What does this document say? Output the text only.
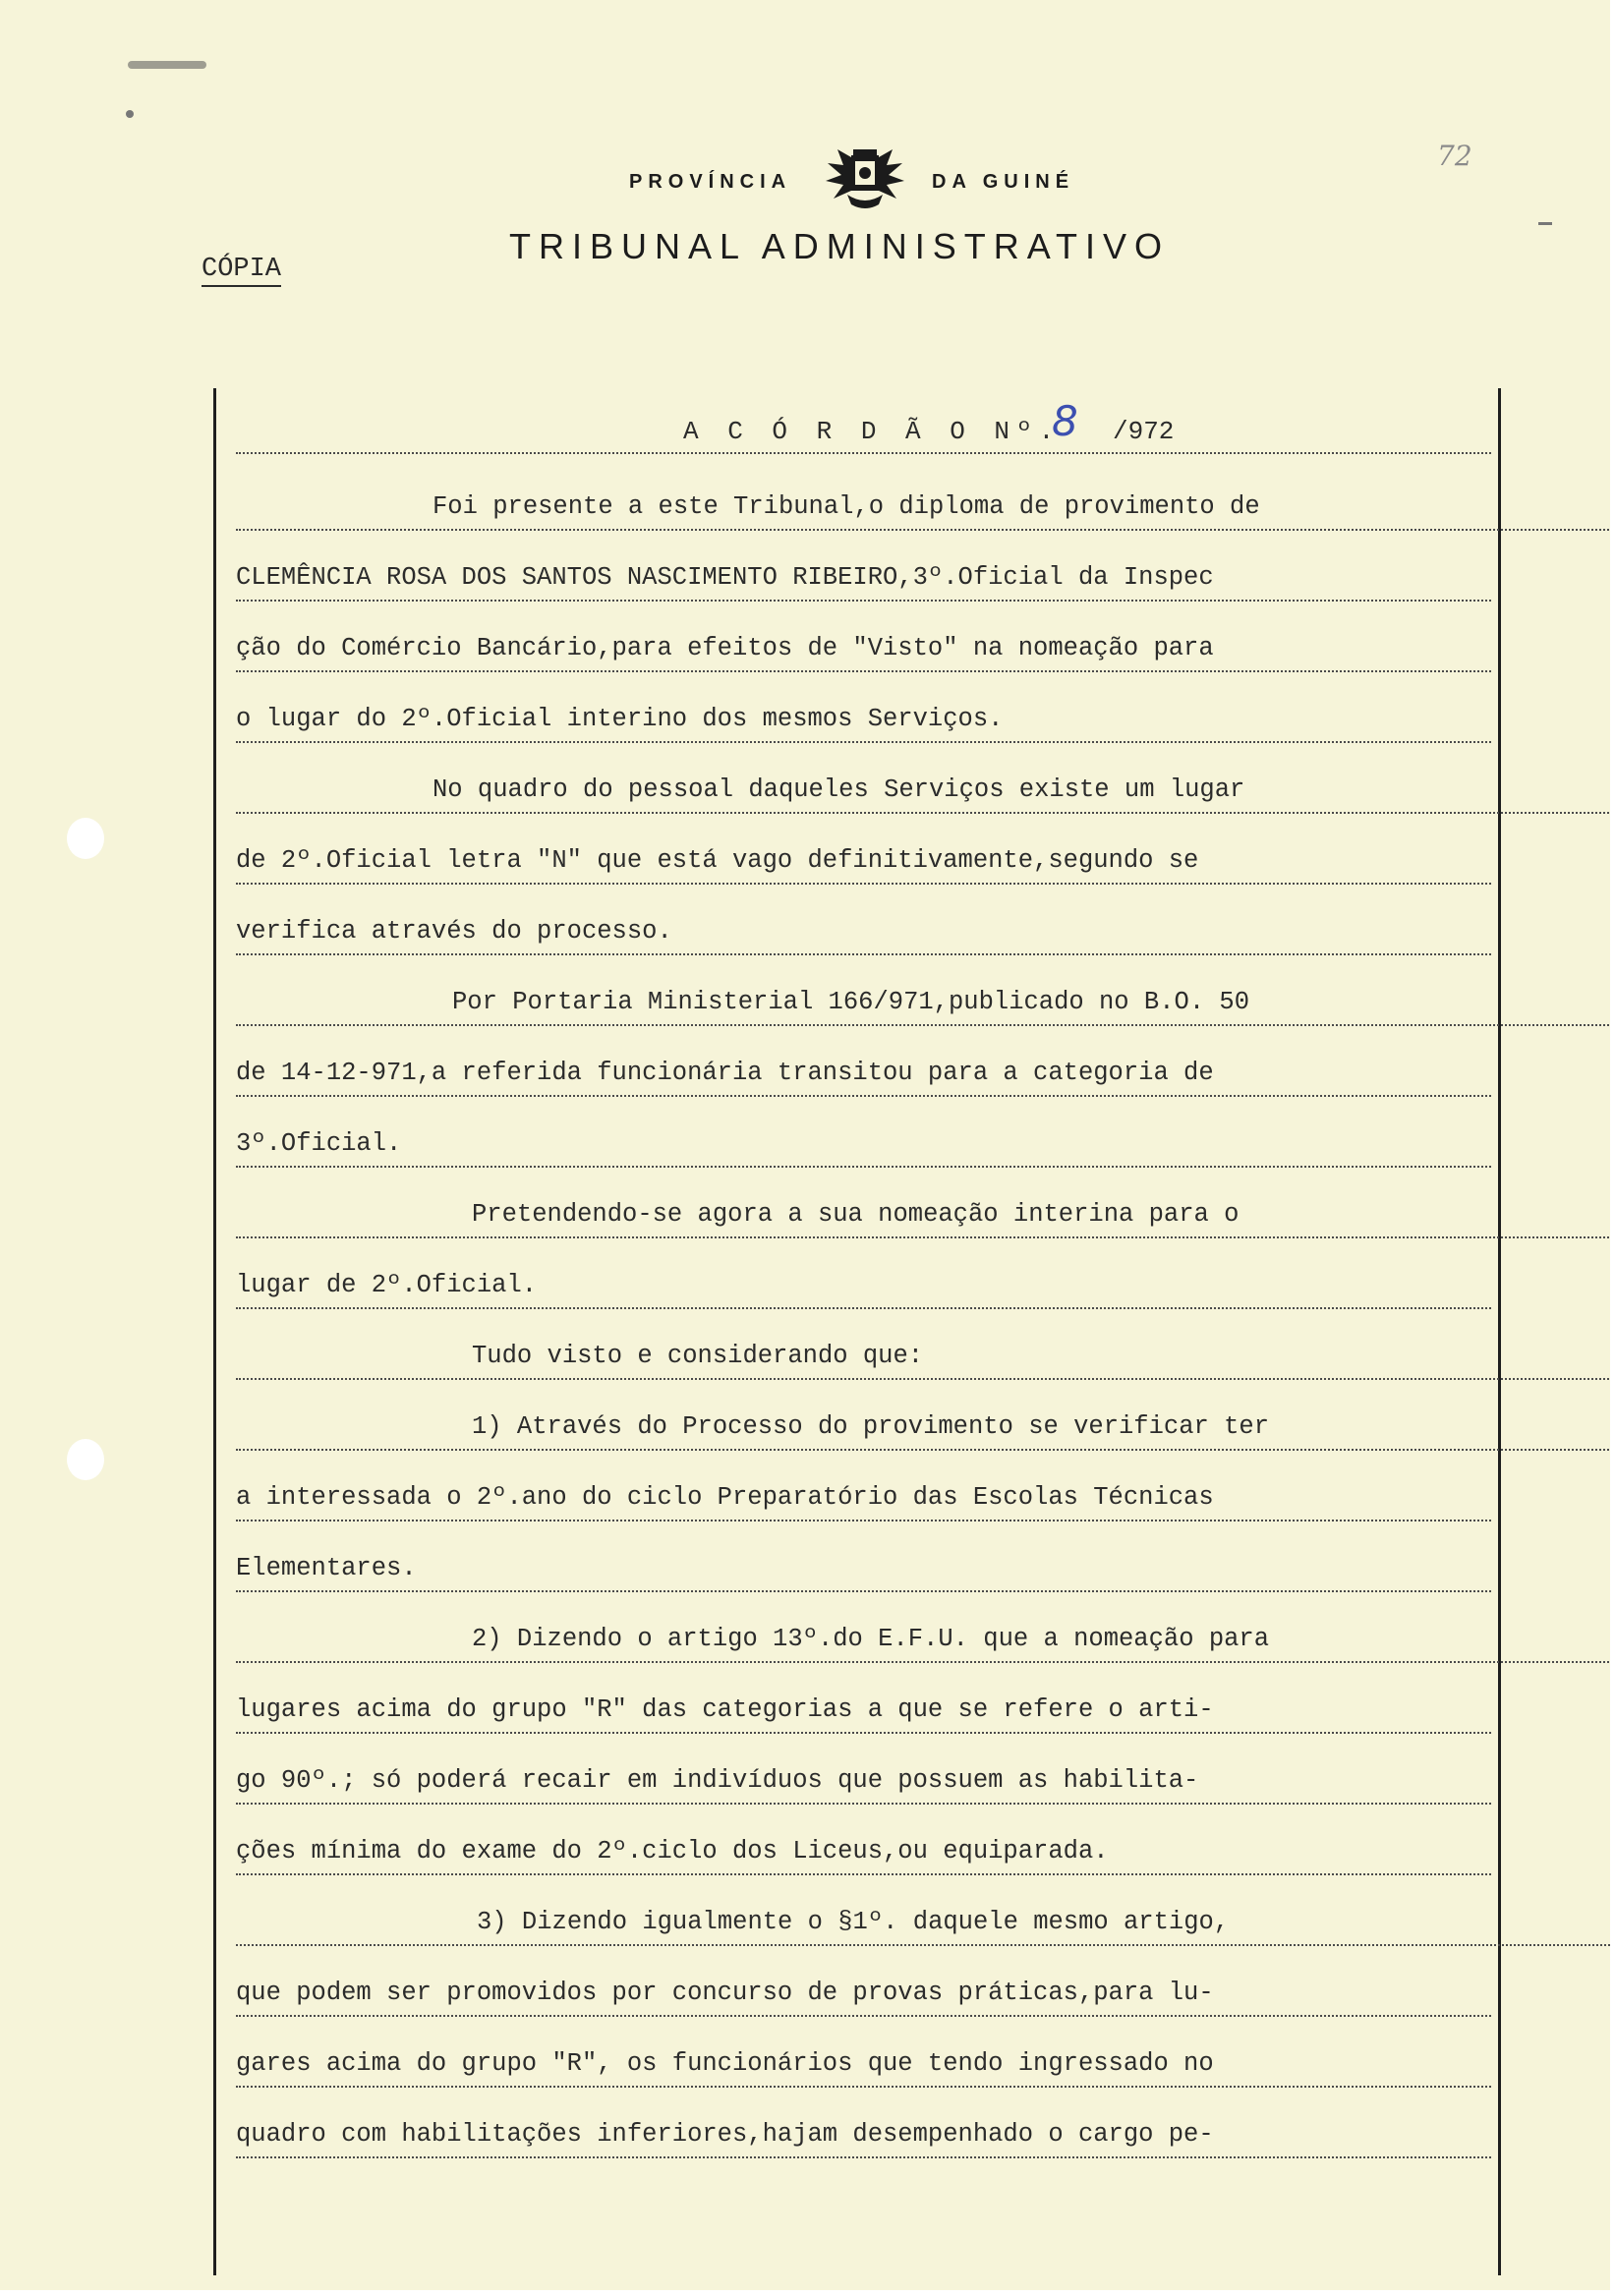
PROVÍNCIA	DA GUINÉ
TRIBUNAL ADMINISTRATIVO
CÓPIA
72
A C Ó R D Ã O Nº.
8 /972
Foi presente a este Tribunal,o diploma de provimento de
CLEMÊNCIA ROSA DOS SANTOS NASCIMENTO RIBEIRO,3º.Oficial da Inspec
ção do Comércio Bancário,para efeitos de "Visto" na nomeação para
o lugar do 2º.Oficial interino dos mesmos Serviços.
No quadro do pessoal daqueles Serviços existe um lugar
de 2º.Oficial letra "N" que está vago definitivamente,segundo se
verifica através do processo.
Por Portaria Ministerial 166/971,publicado no B.O. 50
de 14-12-971,a referida funcionária transitou para a categoria de
3º.Oficial.
Pretendendo-se agora a sua nomeação interina para o
lugar de 2º.Oficial.
Tudo visto e considerando que:
1) Através do Processo do provimento se verificar ter
a interessada o 2º.ano do ciclo Preparatório das Escolas Técnicas
Elementares.
2) Dizendo o artigo 13º.do E.F.U. que a nomeação para
lugares acima do grupo "R" das categorias a que se refere o arti-
go 90º.; só poderá recair em indivíduos que possuem as habilita-
ções mínima do exame do 2º.ciclo dos Liceus,ou equiparada.
3) Dizendo igualmente o §1º. daquele mesmo artigo,
que podem ser promovidos por concurso de provas práticas,para lu-
gares acima do grupo "R", os funcionários que tendo ingressado no
quadro com habilitações inferiores,hajam desempenhado o cargo pe-
